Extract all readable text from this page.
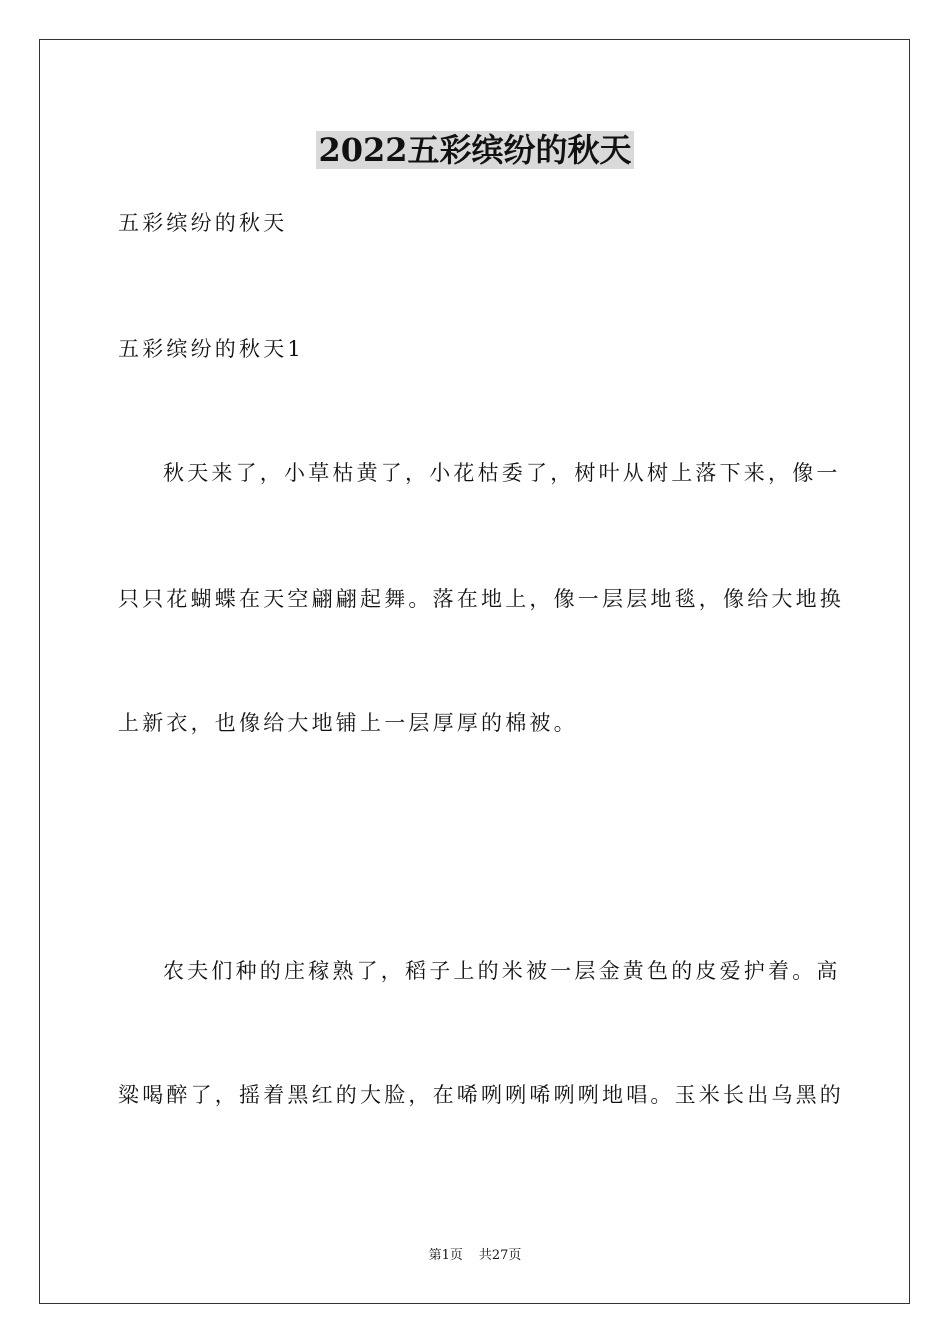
2022五彩缤纷的秋天
五彩缤纷的秋天
五彩缤纷的秋天1
秋天来了，小草枯黄了，小花枯委了，树叶从树上落下来，像一
只只花蝴蝶在天空翩翩起舞。落在地上，像一层层地毯，像给大地换
上新衣，也像给大地铺上一层厚厚的棉被。
农夫们种的庄稼熟了，稻子上的米被一层金黄色的皮爱护着。高
粱喝醉了，摇着黑红的大脸，在唏咧咧唏咧咧地唱。玉米长出乌黑的
第1页 共27页
